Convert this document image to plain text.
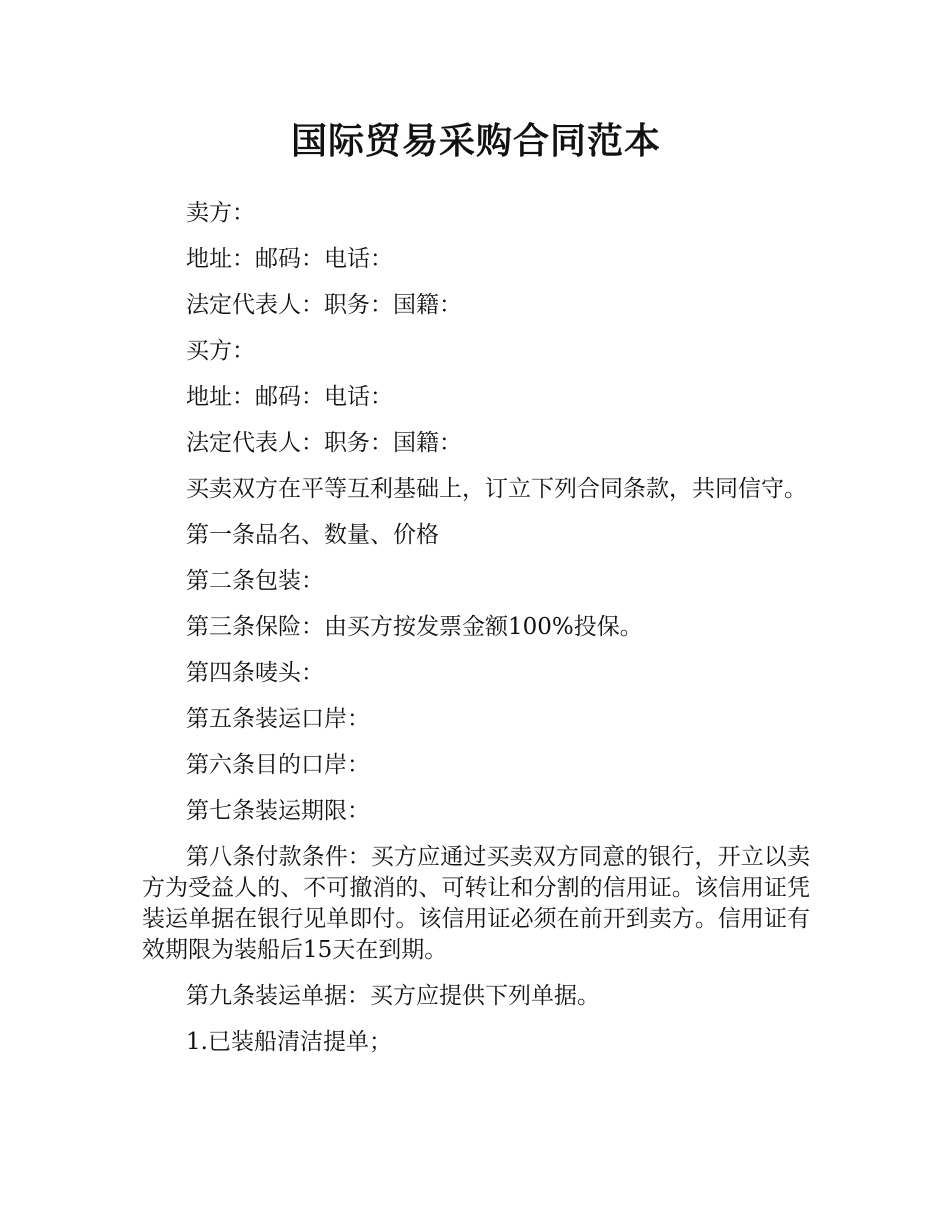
国际贸易采购合同范本

卖方：

地址：邮码：电话：

法定代表人：职务：国籍：

买方：

地址：邮码：电话：

法定代表人：职务：国籍：

买卖双方在平等互利基础上，订立下列合同条款，共同信守。

第一条品名、数量、价格

第二条包装：

第三条保险：由买方按发票金额100%投保。

第四条唛头：

第五条装运口岸：

第六条目的口岸：

第七条装运期限：

第八条付款条件：买方应通过买卖双方同意的银行，开立以卖方为受益人的、不可撤消的、可转让和分割的信用证。该信用证凭装运单据在银行见单即付。该信用证必须在前开到卖方。信用证有效期限为装船后15天在到期。

第九条装运单据：买方应提供下列单据。

1.已装船清洁提单；
